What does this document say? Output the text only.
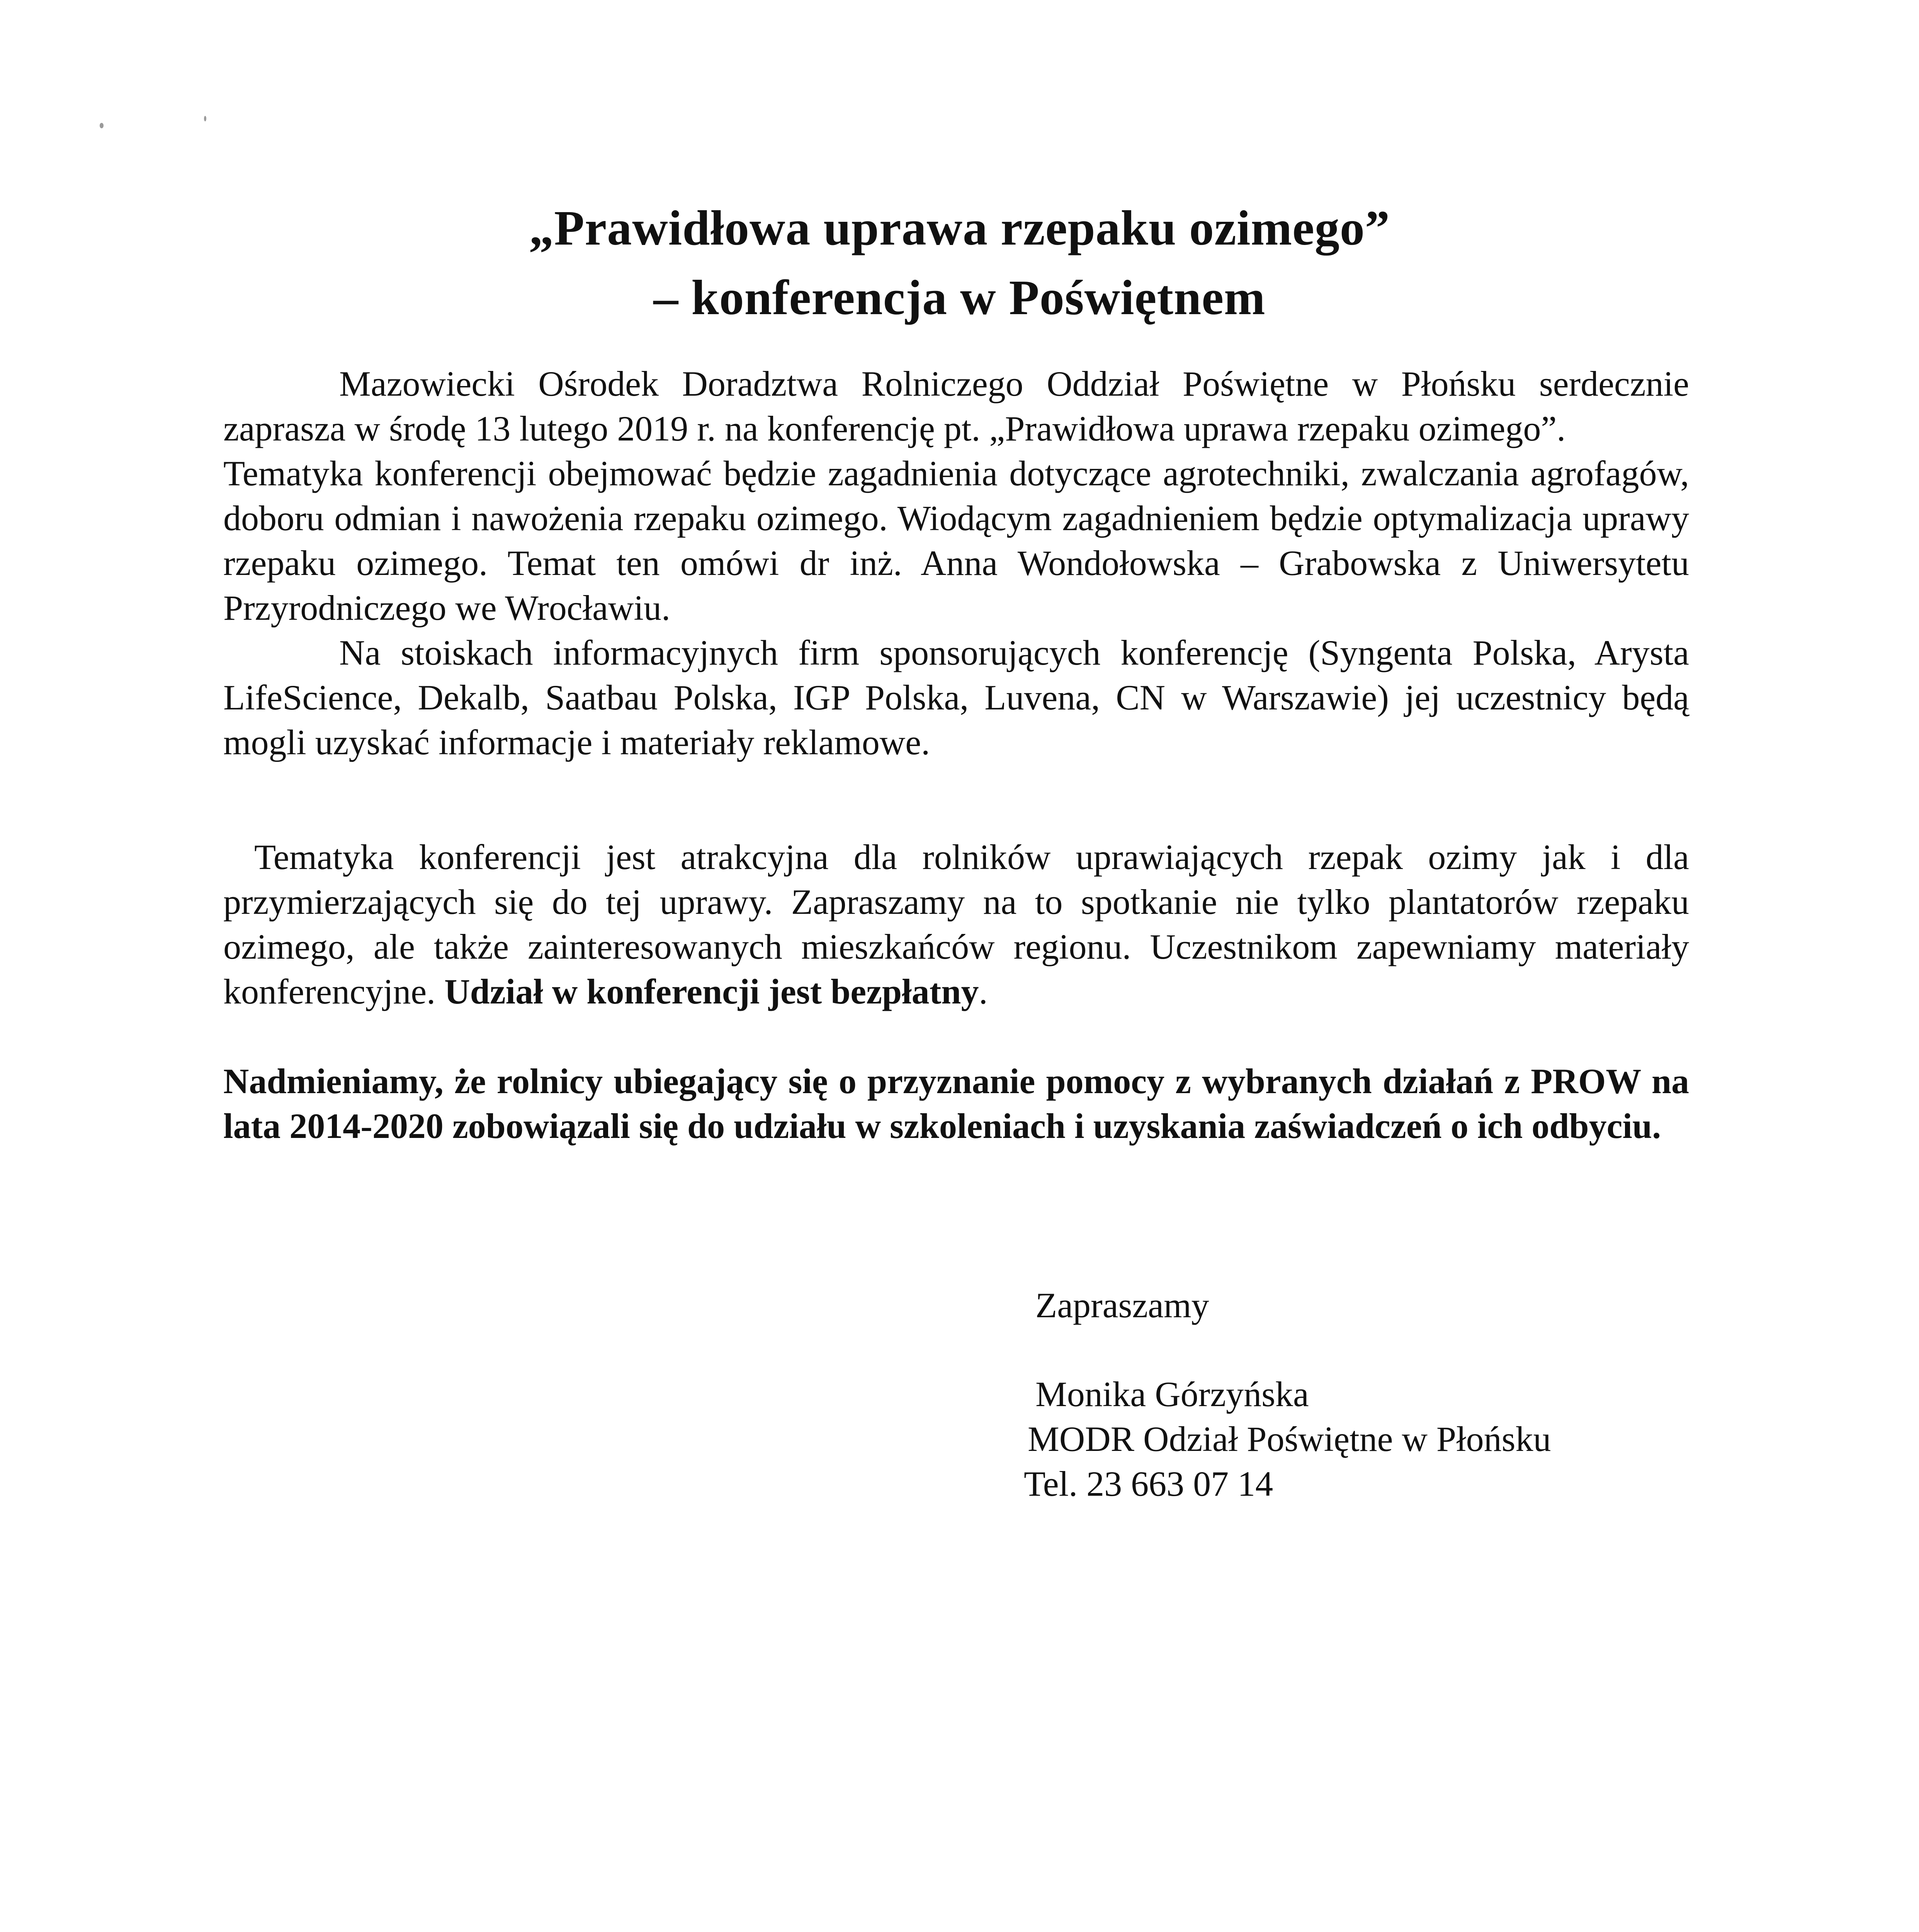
„Prawidłowa uprawa rzepaku ozimego”
– konferencja w Poświętnem

Mazowiecki Ośrodek Doradztwa Rolniczego Oddział Poświętne w Płońsku serdecznie zaprasza w środę 13 lutego 2019 r. na konferencję pt. „Prawidłowa uprawa rzepaku ozimego”.

Tematyka konferencji obejmować będzie zagadnienia dotyczące agrotechniki, zwalczania agrofagów, doboru odmian i nawożenia rzepaku ozimego. Wiodącym zagadnieniem będzie optymalizacja uprawy rzepaku ozimego. Temat ten omówi dr inż. Anna Wondołowska – Grabowska z Uniwersytetu Przyrodniczego we Wrocławiu.

Na stoiskach informacyjnych firm sponsorujących konferencję (Syngenta Polska, Arysta LifeScience, Dekalb, Saatbau Polska, IGP Polska, Luvena, CN w Warszawie) jej uczestnicy będą mogli uzyskać informacje i materiały reklamowe.

Tematyka konferencji jest atrakcyjna dla rolników uprawiających rzepak ozimy jak i dla przymierzających się do tej uprawy. Zapraszamy na to spotkanie nie tylko plantatorów rzepaku ozimego, ale także zainteresowanych mieszkańców regionu. Uczestnikom zapewniamy materiały konferencyjne. Udział w konferencji jest bezpłatny.

Nadmieniamy, że rolnicy ubiegający się o przyznanie pomocy z wybranych działań z PROW na lata 2014-2020 zobowiązali się do udziału w szkoleniach i uzyskania zaświadczeń o ich odbyciu.

Zapraszamy
Monika Górzyńska
MODR Odział Poświętne w Płońsku
Tel. 23 663 07 14
